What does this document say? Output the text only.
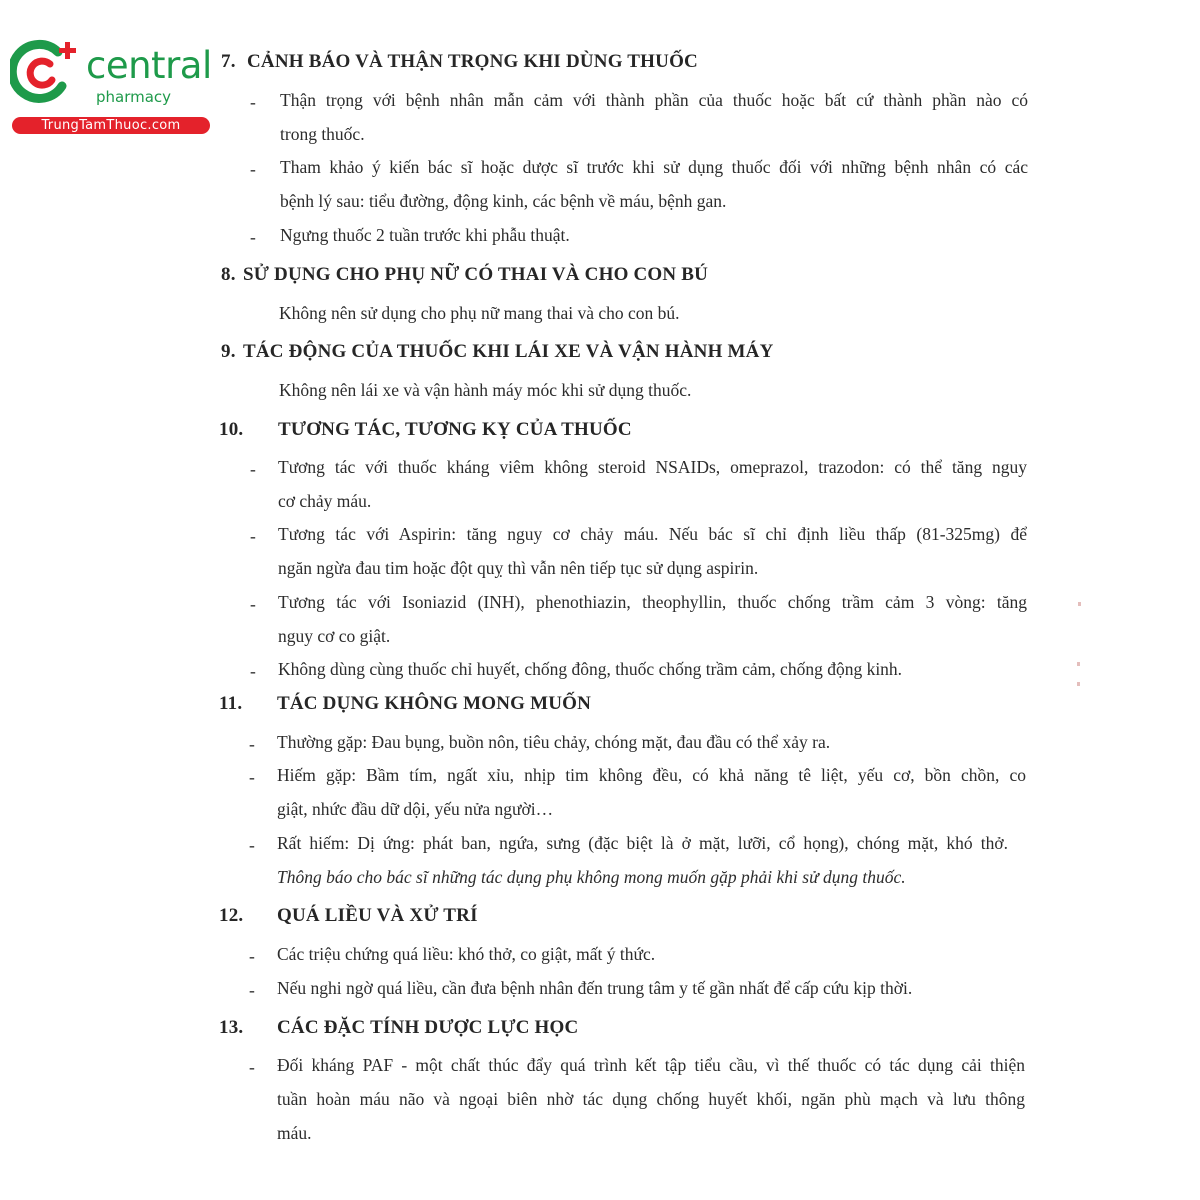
central
pharmacy
TrungTamThuoc.com
7. CẢNH BÁO VÀ THẬN TRỌNG KHI DÙNG THUỐC
- Thận trọng với bệnh nhân mẫn cảm với thành phần của thuốc hoặc bất cứ thành phần nào có
trong thuốc.
- Tham khảo ý kiến bác sĩ hoặc dược sĩ trước khi sử dụng thuốc đối với những bệnh nhân có các
bệnh lý sau: tiểu đường, động kinh, các bệnh về máu, bệnh gan.
- Ngưng thuốc 2 tuần trước khi phẫu thuật.
8. SỬ DỤNG CHO PHỤ NỮ CÓ THAI VÀ CHO CON BÚ
Không nên sử dụng cho phụ nữ mang thai và cho con bú.
9. TÁC ĐỘNG CỦA THUỐC KHI LÁI XE VÀ VẬN HÀNH MÁY
Không nên lái xe và vận hành máy móc khi sử dụng thuốc.
10. TƯƠNG TÁC, TƯƠNG KỴ CỦA THUỐC
- Tương tác với thuốc kháng viêm không steroid NSAIDs, omeprazol, trazodon: có thể tăng nguy
cơ chảy máu.
- Tương tác với Aspirin: tăng nguy cơ chảy máu. Nếu bác sĩ chỉ định liều thấp (81-325mg) để
ngăn ngừa đau tim hoặc đột quỵ thì vẫn nên tiếp tục sử dụng aspirin.
- Tương tác với Isoniazid (INH), phenothiazin, theophyllin, thuốc chống trầm cảm 3 vòng: tăng
nguy cơ co giật.
- Không dùng cùng thuốc chỉ huyết, chống đông, thuốc chống trầm cảm, chống động kinh.
11. TÁC DỤNG KHÔNG MONG MUỐN
- Thường gặp: Đau bụng, buồn nôn, tiêu chảy, chóng mặt, đau đầu có thể xảy ra.
- Hiếm gặp: Bầm tím, ngất xỉu, nhịp tim không đều, có khả năng tê liệt, yếu cơ, bồn chồn, co
giật, nhức đầu dữ dội, yếu nửa người…
- Rất hiếm: Dị ứng: phát ban, ngứa, sưng (đặc biệt là ở mặt, lưỡi, cổ họng), chóng mặt, khó thở.
Thông báo cho bác sĩ những tác dụng phụ không mong muốn gặp phải khi sử dụng thuốc.
12. QUÁ LIỀU VÀ XỬ TRÍ
- Các triệu chứng quá liều: khó thở, co giật, mất ý thức.
- Nếu nghi ngờ quá liều, cần đưa bệnh nhân đến trung tâm y tế gần nhất để cấp cứu kịp thời.
13. CÁC ĐẶC TÍNH DƯỢC LỰC HỌC
- Đối kháng PAF - một chất thúc đẩy quá trình kết tập tiểu cầu, vì thế thuốc có tác dụng cải thiện
tuần hoàn máu não và ngoại biên nhờ tác dụng chống huyết khối, ngăn phù mạch và lưu thông
máu.
